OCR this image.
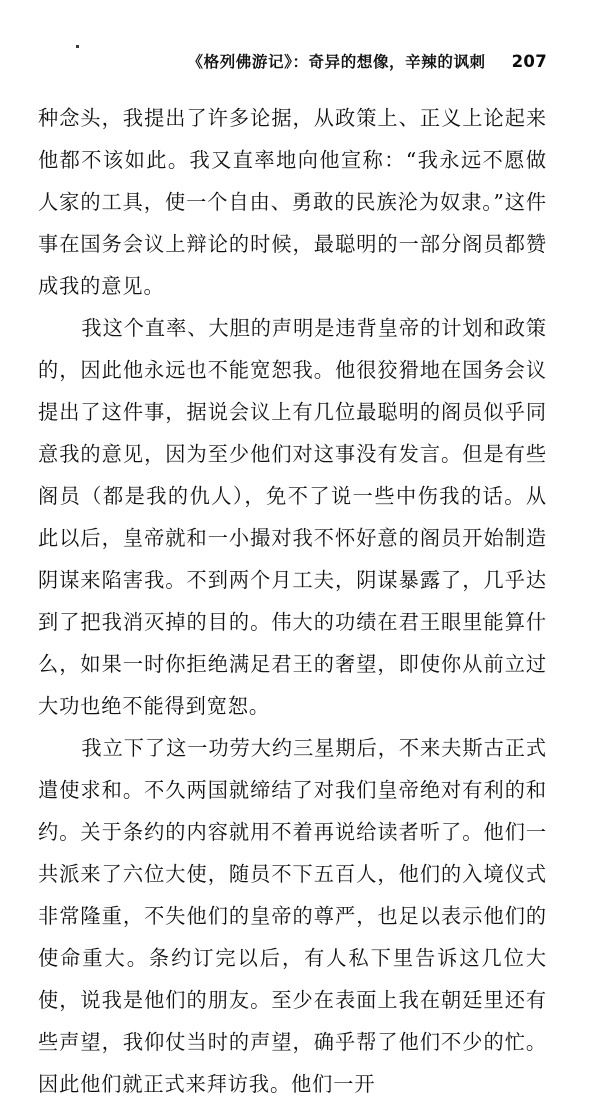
《格列佛游记》：奇异的想像，辛辣的讽刺 207

种念头，我提出了许多论据，从政策上、正义上论起来他都不该如此。我又直率地向他宣称：“我永远不愿做人家的工具，使一个自由、勇敢的民族沦为奴隶。”这件事在国务会议上辩论的时候，最聪明的一部分阁员都赞成我的意见。

我这个直率、大胆的声明是违背皇帝的计划和政策的，因此他永远也不能宽恕我。他很狡猾地在国务会议提出了这件事，据说会议上有几位最聪明的阁员似乎同意我的意见，因为至少他们对这事没有发言。但是有些阁员（都是我的仇人），免不了说一些中伤我的话。从此以后，皇帝就和一小撮对我不怀好意的阁员开始制造阴谋来陷害我。不到两个月工夫，阴谋暴露了，几乎达到了把我消灭掉的目的。伟大的功绩在君王眼里能算什么，如果一时你拒绝满足君王的奢望，即使你从前立过大功也绝不能得到宽恕。

我立下了这一功劳大约三星期后，不来夫斯古正式遣使求和。不久两国就缔结了对我们皇帝绝对有利的和约。关于条约的内容就用不着再说给读者听了。他们一共派来了六位大使，随员不下五百人，他们的入境仪式非常隆重，不失他们的皇帝的尊严，也足以表示他们的使命重大。条约订完以后，有人私下里告诉这几位大使，说我是他们的朋友。至少在表面上我在朝廷里还有些声望，我仰仗当时的声望，确乎帮了他们不少的忙。因此他们就正式来拜访我。他们一开
